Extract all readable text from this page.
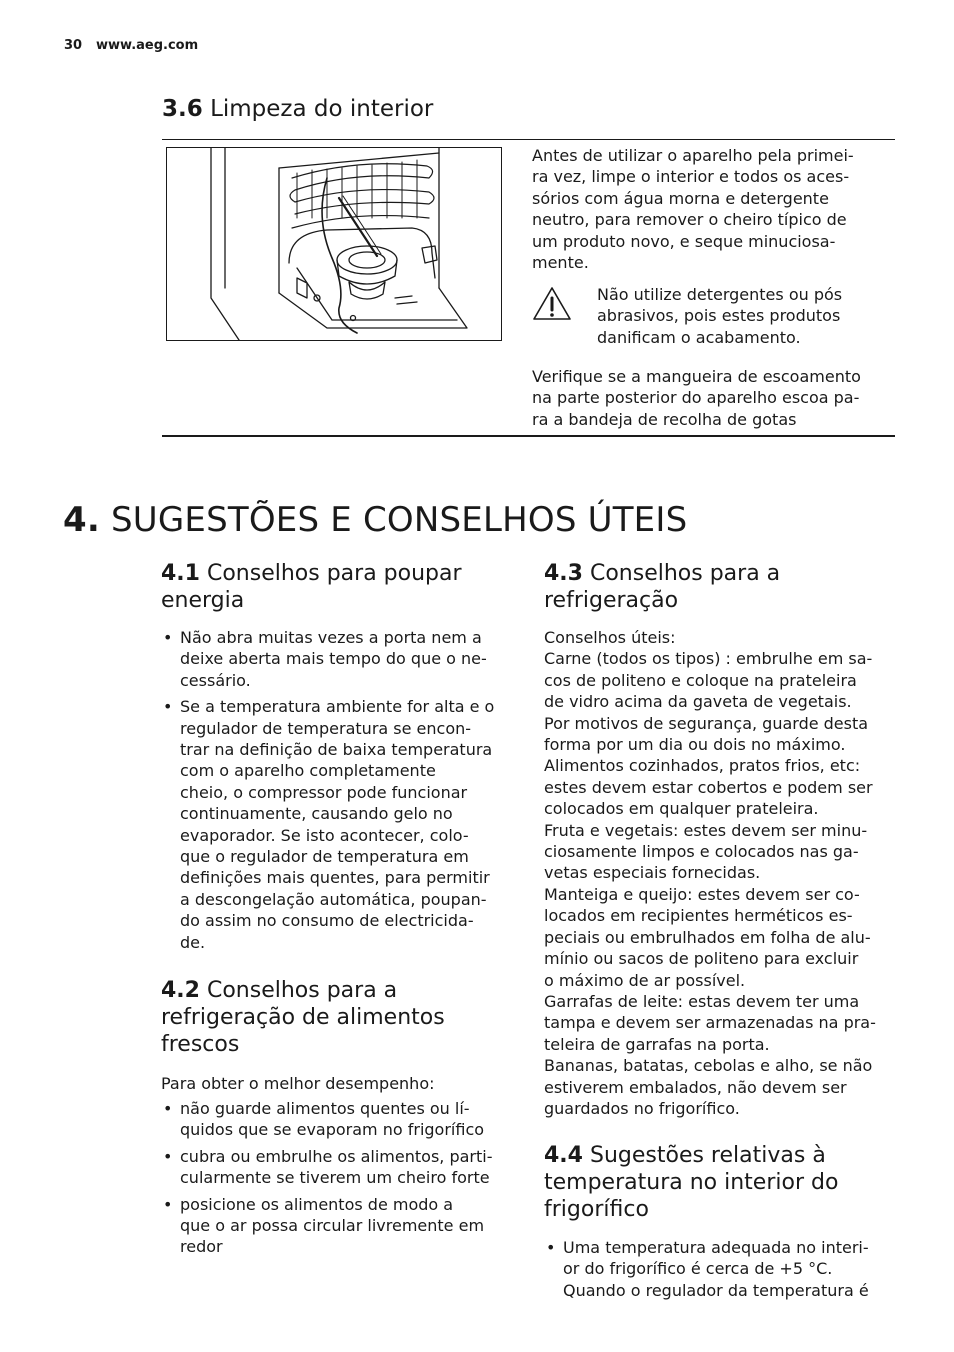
30 www.aeg.com
3.6 Limpeza do interior
Antes de utilizar o aparelho pela primei-
ra vez, limpe o interior e todos os aces-
sórios com água morna e detergente
neutro, para remover o cheiro típico de
um produto novo, e seque minuciosa-
mente.
Não utilize detergentes ou pós
abrasivos, pois estes produtos
danificam o acabamento.
Verifique se a mangueira de escoamento
na parte posterior do aparelho escoa pa-
ra a bandeja de recolha de gotas
4. SUGESTÕES E CONSELHOS ÚTEIS
4.1 Conselhos para poupar
energia
• Não abra muitas vezes a porta nem a
deixe aberta mais tempo do que o ne-
cessário.
• Se a temperatura ambiente for alta e o
regulador de temperatura se encon-
trar na definição de baixa temperatura
com o aparelho completamente
cheio, o compressor pode funcionar
continuamente, causando gelo no
evaporador. Se isto acontecer, colo-
que o regulador de temperatura em
definições mais quentes, para permitir
a descongelação automática, poupan-
do assim no consumo de electricida-
de.
4.2 Conselhos para a
refrigeração de alimentos
frescos
Para obter o melhor desempenho:
• não guarde alimentos quentes ou lí-
quidos que se evaporam no frigorífico
• cubra ou embrulhe os alimentos, parti-
cularmente se tiverem um cheiro forte
• posicione os alimentos de modo a
que o ar possa circular livremente em
redor
4.3 Conselhos para a
refrigeração
Conselhos úteis:
Carne (todos os tipos) : embrulhe em sa-
cos de politeno e coloque na prateleira
de vidro acima da gaveta de vegetais.
Por motivos de segurança, guarde desta
forma por um dia ou dois no máximo.
Alimentos cozinhados, pratos frios, etc:
estes devem estar cobertos e podem ser
colocados em qualquer prateleira.
Fruta e vegetais: estes devem ser minu-
ciosamente limpos e colocados nas ga-
vetas especiais fornecidas.
Manteiga e queijo: estes devem ser co-
locados em recipientes herméticos es-
peciais ou embrulhados em folha de alu-
mínio ou sacos de politeno para excluir
o máximo de ar possível.
Garrafas de leite: estas devem ter uma
tampa e devem ser armazenadas na pra-
teleira de garrafas na porta.
Bananas, batatas, cebolas e alho, se não
estiverem embalados, não devem ser
guardados no frigorífico.
4.4 Sugestões relativas à
temperatura no interior do
frigorífico
• Uma temperatura adequada no interi-
or do frigorífico é cerca de +5 °C.
Quando o regulador da temperatura é
